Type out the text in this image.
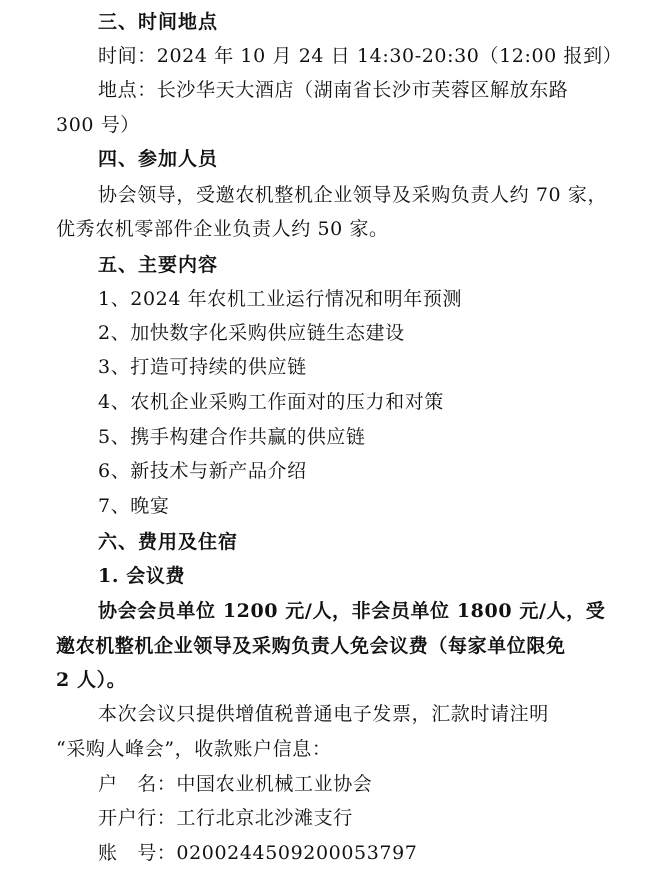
三、时间地点
时间：2024 年 10 月 24 日 14:30-20:30（12:00 报到）
地点：长沙华天大酒店（湖南省长沙市芙蓉区解放东路
300 号）
四、参加人员
协会领导，受邀农机整机企业领导及采购负责人约 70 家，
优秀农机零部件企业负责人约 50 家。
五、主要内容
1、2024 年农机工业运行情况和明年预测
2、加快数字化采购供应链生态建设
3、打造可持续的供应链
4、农机企业采购工作面对的压力和对策
5、携手构建合作共赢的供应链
6、新技术与新产品介绍
7、晚宴
六、费用及住宿
1. 会议费
协会会员单位 1200 元/人，非会员单位 1800 元/人，受
邀农机整机企业领导及采购负责人免会议费（每家单位限免
2 人）。
本次会议只提供增值税普通电子发票，汇款时请注明
“采购人峰会”，收款账户信息：
户　名：中国农业机械工业协会
开户行：工行北京北沙滩支行
账　号：0200244509200053797
